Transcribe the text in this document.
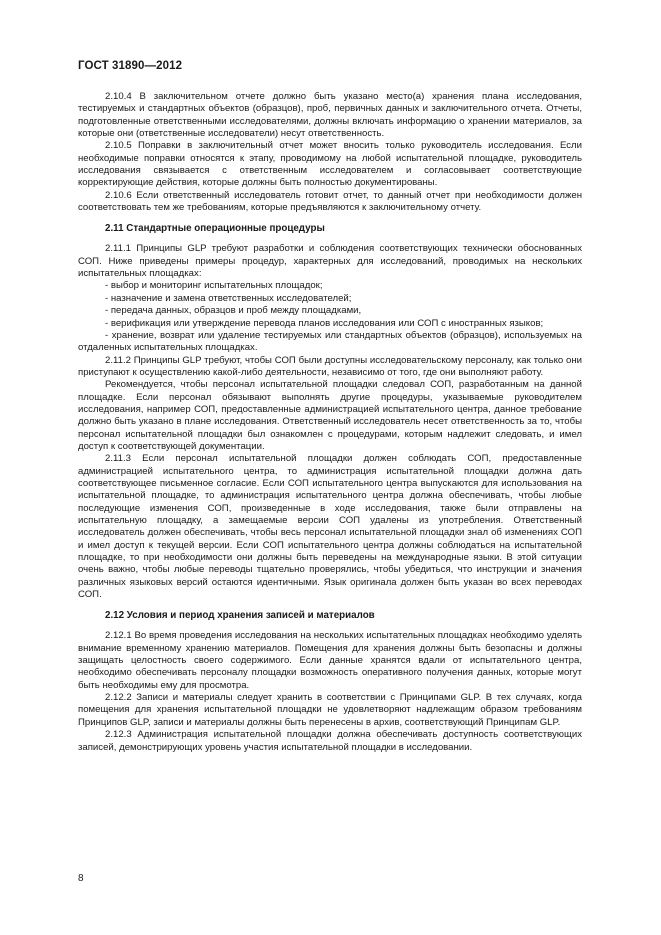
ГОСТ 31890—2012

2.10.4 В заключительном отчете должно быть указано место(а) хранения плана исследования, тестируемых и стандартных объектов (образцов), проб, первичных данных и заключительного отчета. Отчеты, подготовленные ответственными исследователями, должны включать информацию о хранении материалов, за которые они (ответственные исследователи) несут ответственность.

2.10.5 Поправки в заключительный отчет может вносить только руководитель исследования. Если необходимые поправки относятся к этапу, проводимому на любой испытательной площадке, руководитель исследования связывается с ответственным исследователем и согласовывает соответствующие корректирующие действия, которые должны быть полностью документированы.

2.10.6 Если ответственный исследователь готовит отчет, то данный отчет при необходимости должен соответствовать тем же требованиям, которые предъявляются к заключительному отчету.

2.11 Стандартные операционные процедуры

2.11.1 Принципы GLP требуют разработки и соблюдения соответствующих технически обоснованных СОП. Ниже приведены примеры процедур, характерных для исследований, проводимых на нескольких испытательных площадках:

- выбор и мониторинг испытательных площадок;

- назначение и замена ответственных исследователей;

- передача данных, образцов и проб между площадками,

- верификация или утверждение перевода планов исследования или СОП с иностранных языков;

- хранение, возврат или удаление тестируемых или стандартных объектов (образцов), используемых на отдаленных испытательных площадках.

2.11.2 Принципы GLP требуют, чтобы СОП были доступны исследовательскому персоналу, как только они приступают к осуществлению какой-либо деятельности, независимо от того, где они выполняют работу.

Рекомендуется, чтобы персонал испытательной площадки следовал СОП, разработанным на данной площадке. Если персонал обязывают выполнять другие процедуры, указываемые руководителем исследования, например СОП, предоставленные администрацией испытательного центра, данное требование должно быть указано в плане исследования. Ответственный исследователь несет ответственность за то, чтобы персонал испытательной площадки был ознакомлен с процедурами, которым надлежит следовать, и имел доступ к соответствующей документации.

2.11.3 Если персонал испытательной площадки должен соблюдать СОП, предоставленные администрацией испытательного центра, то администрация испытательной площадки должна дать соответствующее письменное согласие. Если СОП испытательного центра выпускаются для использования на испытательной площадке, то администрация испытательного центра должна обеспечивать, чтобы любые последующие изменения СОП, произведенные в ходе исследования, также были отправлены на испытательную площадку, а замещаемые версии СОП удалены из употребления. Ответственный исследователь должен обеспечивать, чтобы весь персонал испытательной площадки знал об изменениях СОП и имел доступ к текущей версии. Если СОП испытательного центра должны соблюдаться на испытательной площадке, то при необходимости они должны быть переведены на международные языки. В этой ситуации очень важно, чтобы любые переводы тщательно проверялись, чтобы убедиться, что инструкции и значения различных языковых версий остаются идентичными. Язык оригинала должен быть указан во всех переводах СОП.

2.12 Условия и период хранения записей и материалов

2.12.1 Во время проведения исследования на нескольких испытательных площадках необходимо уделять внимание временному хранению материалов. Помещения для хранения должны быть безопасны и должны защищать целостность своего содержимого. Если данные хранятся вдали от испытательного центра, необходимо обеспечивать персоналу площадки возможность оперативного получения данных, которые могут быть необходимы ему для просмотра.

2.12.2 Записи и материалы следует хранить в соответствии с Принципами GLP. В тех случаях, когда помещения для хранения испытательной площадки не удовлетворяют надлежащим образом требованиям Принципов GLP, записи и материалы должны быть перенесены в архив, соответствующий Принципам GLP.

2.12.3 Администрация испытательной площадки должна обеспечивать доступность соответствующих записей, демонстрирующих уровень участия испытательной площадки в исследовании.

8
